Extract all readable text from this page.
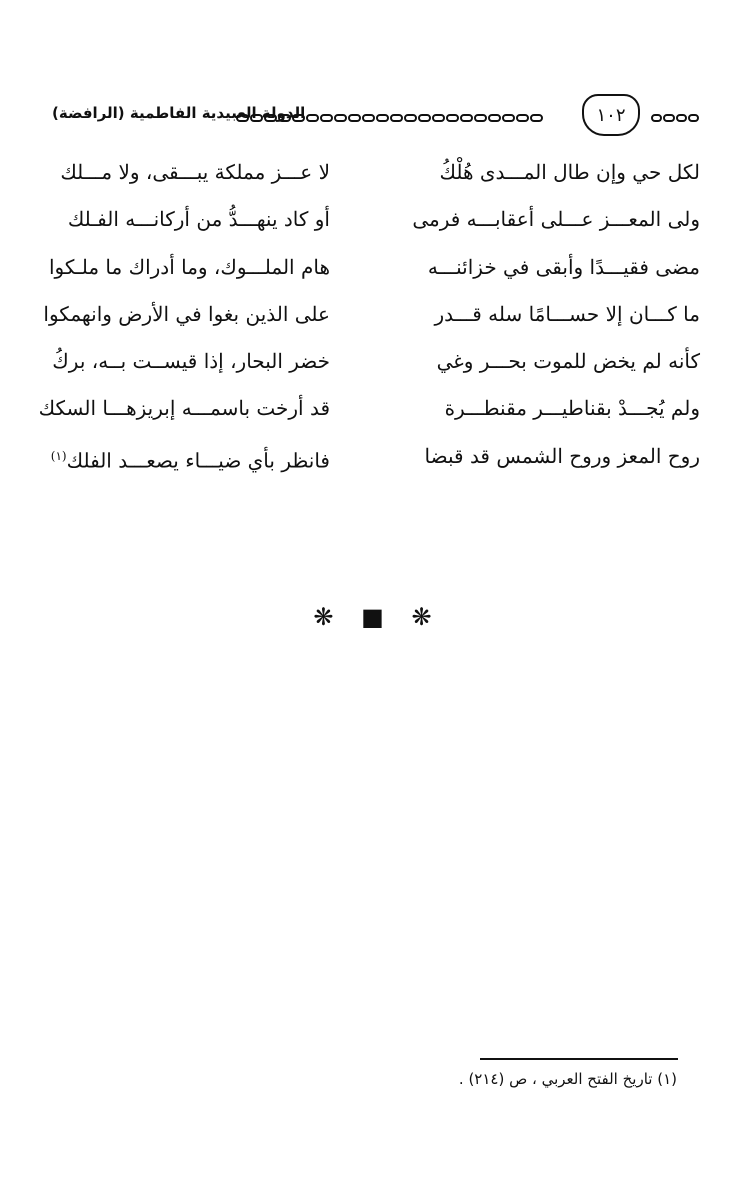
الدولة العبيدية الفاطمية (الرافضة)	١٠٢
لكل حي وإن طال المـــدى هُلْكُ
لا عـــز مملكة يبـــقى، ولا مـــلك
ولى المعـــز عـــلى أعقابـــه فرمى
أو كاد ينهـــدُّ من أركانـــه الفـلك
مضى فقيـــدًا وأبقى في خزائنـــه
هام الملـــوك، وما أدراك ما ملـكوا
ما كـــان إلا حســـامًا سله قـــدر
على الذين بغوا في الأرض وانهمكوا
كأنه لم يخض للموت بحـــر وغي
خضر البحار، إذا قيســت بــه، بركُ
ولم يُجـــدْ بقناطيـــر مقنطـــرة
قد أرخت باسمـــه إبريزهـــا السكك
روح المعز وروح الشمس قد قبضا
فانظر بأي ضيـــاء يصعـــد الفلك$^{(١)}$
❋ ■ ❋
(١) تاريخ الفتح العربي ، ص (٢١٤) .
